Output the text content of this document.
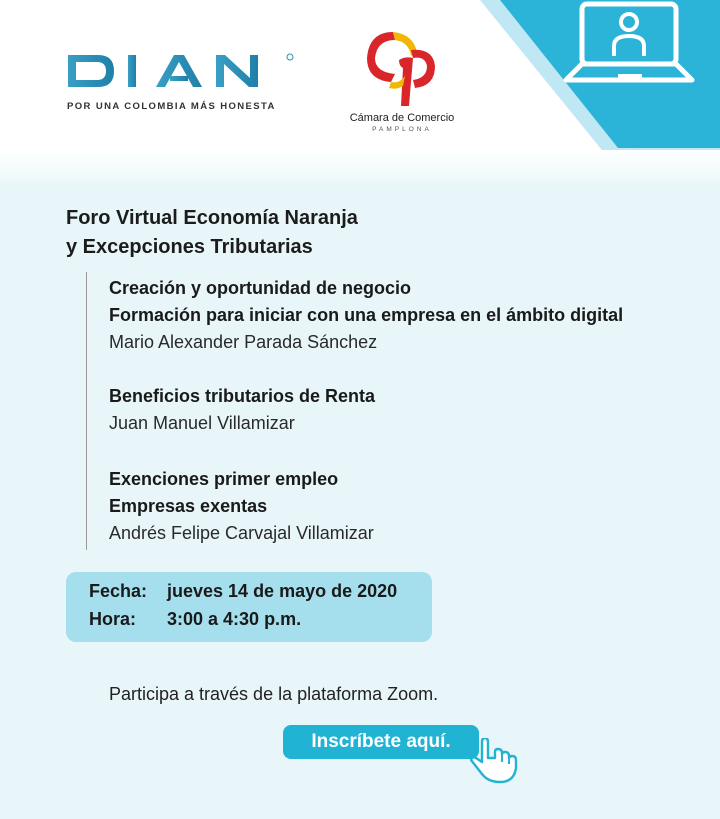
POR UNA COLOMBIA MÁS HONESTA
Cámara de Comercio
PAMPLONA
Foro Virtual Economía Naranja
y Excepciones Tributarias
Creación y oportunidad de negocio
Formación para iniciar con una empresa en el ámbito digital
Mario Alexander Parada Sánchez
Beneficios tributarios de Renta
Juan Manuel Villamizar
Exenciones primer empleo
Empresas exentas
Andrés Felipe Carvajal Villamizar
Fecha: jueves 14 de mayo de 2020
Hora: 3:00 a 4:30 p.m.
Participa a través de la plataforma Zoom.
Inscríbete aquí.
